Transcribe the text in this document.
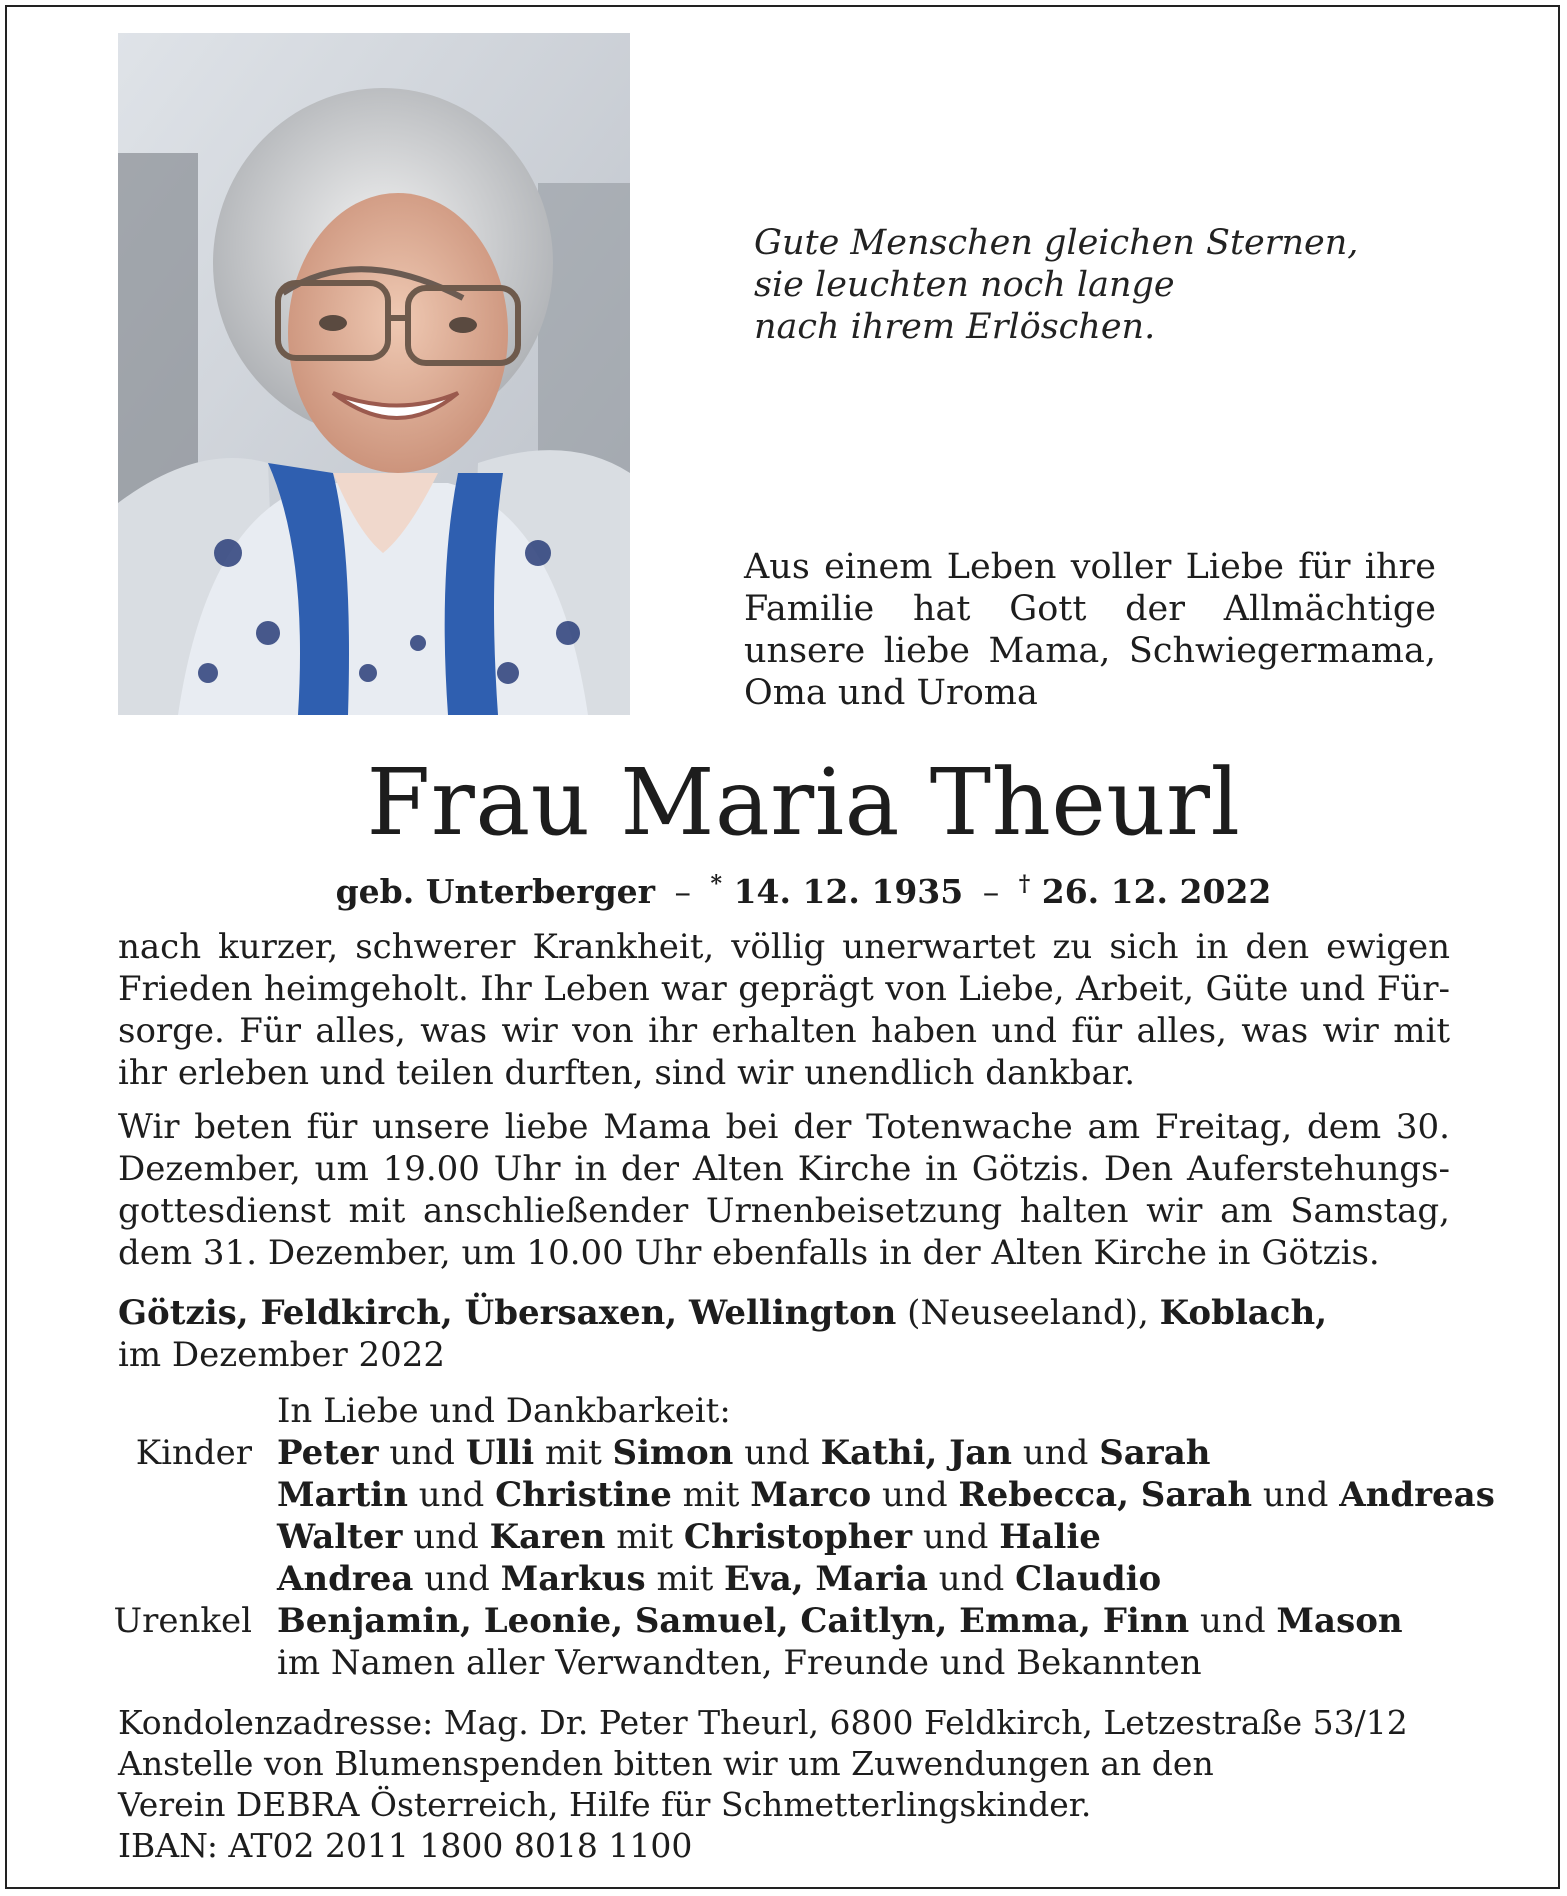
Gute Menschen gleichen Sternen,
sie leuchten noch lange
nach ihrem Erlöschen.
Aus einem Leben voller Liebe für ihre Familie hat Gott der Allmächtige unsere liebe Mama, Schwiegermama, Oma und Uroma
Frau Maria Theurl
geb. Unterberger – * 14. 12. 1935 – † 26. 12. 2022
nach kurzer, schwerer Krankheit, völlig unerwartet zu sich in den ewigen Frieden heimgeholt. Ihr Leben war geprägt von Liebe, Arbeit, Güte und Fürsorge. Für alles, was wir von ihr erhalten haben und für alles, was wir mit ihr erleben und teilen durften, sind wir unendlich dankbar.
Wir beten für unsere liebe Mama bei der Totenwache am Freitag, dem 30. Dezember, um 19.00 Uhr in der Alten Kirche in Götzis. Den Auferstehungsgottesdienst mit anschließender Urnenbeisetzung halten wir am Samstag, dem 31. Dezember, um 10.00 Uhr ebenfalls in der Alten Kirche in Götzis.
Götzis, Feldkirch, Übersaxen, Wellington (Neuseeland), Koblach,
im Dezember 2022
In Liebe und Dankbarkeit:
Kinder Peter und Ulli mit Simon und Kathi, Jan und Sarah
Martin und Christine mit Marco und Rebecca, Sarah und Andreas
Walter und Karen mit Christopher und Halie
Andrea und Markus mit Eva, Maria und Claudio
Urenkel Benjamin, Leonie, Samuel, Caitlyn, Emma, Finn und Mason
im Namen aller Verwandten, Freunde und Bekannten
Kondolenzadresse: Mag. Dr. Peter Theurl, 6800 Feldkirch, Letzestraße 53/12
Anstelle von Blumenspenden bitten wir um Zuwendungen an den
Verein DEBRA Österreich, Hilfe für Schmetterlingskinder.
IBAN: AT02 2011 1800 8018 1100
